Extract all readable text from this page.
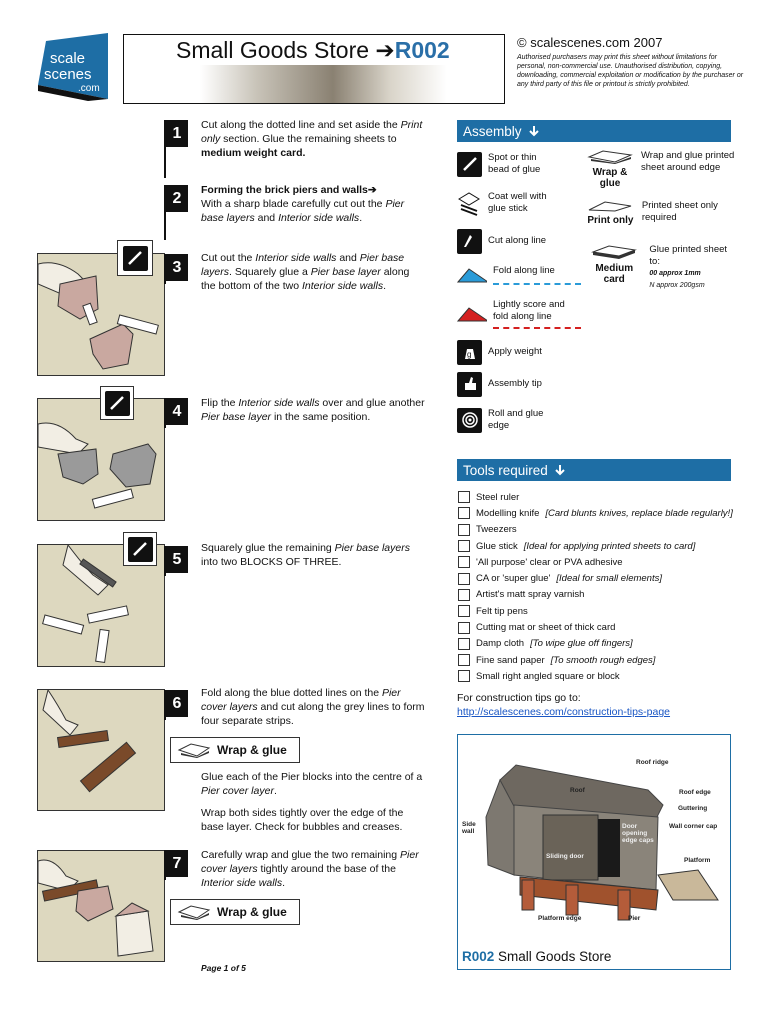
scale
scenes
.com
Small Goods Store ➔R002	© scalescenes.com 2007
Authorised purchasers may print this sheet without limitations for personal, non-commercial use. Unauthorised distribution, copying, downloading, commercial exploitation or modification by the purchaser or any third party of this file or printout is strictly prohibited.
1	Cut along the dotted line and set aside the Print only section. Glue the remaining sheets to medium weight card.
2	Forming the brick piers and walls➔
With a sharp blade carefully cut out the Pier base layers and Interior side walls.
3
Cut out the Interior side walls and Pier base layers. Squarely glue a Pier base layer along the bottom of the two Interior side walls.
4	Flip the Interior side walls over and glue another Pier base layer in the same position.
5
Squarely glue the remaining Pier base layers into two BLOCKS OF THREE.
6
Fold along the blue dotted lines on the Pier cover layers and cut along the grey lines to form four separate strips.
Wrap & glue
Glue each of the Pier blocks into the centre of a Pier cover layer.
Wrap both sides tightly over the edge of the base layer. Check for bubbles and creases.
7	Carefully wrap and glue the two remaining Pier cover layers tightly around the base of the Interior side walls.
Wrap & glue
Page 1 of 5
Assembly
Spot or thin bead of glue
Coat well with glue stick
Cut along line
Fold along line
Lightly score and fold along line
g Apply weight
Assembly tip
Roll and glue edge
Wrap & glue
Wrap and glue printed sheet around edge
Print only
Printed sheet only required
Medium card
Glue printed sheet to:
00 approx 1mm
N approx 200gsm
Tools required
Steel ruler
Modelling knife [Card blunts knives, replace blade regularly!]
Tweezers
Glue stick [Ideal for applying printed sheets to card]
'All purpose' clear or PVA adhesive
CA or 'super glue' [Ideal for small elements]
Artist's matt spray varnish
Felt tip pens
Cutting mat or sheet of thick card
Damp cloth [To wipe glue off fingers]
Fine sand paper [To smooth rough edges]
Small right angled square or block
For construction tips go to:
http://scalescenes.com/construction-tips-page
Roof ridge
Roof	Roof edge
Guttering
Side wall
Door opening edge caps
Wall corner cap
Sliding door
Platform
Platform edge	Pier
R002 Small Goods Store
